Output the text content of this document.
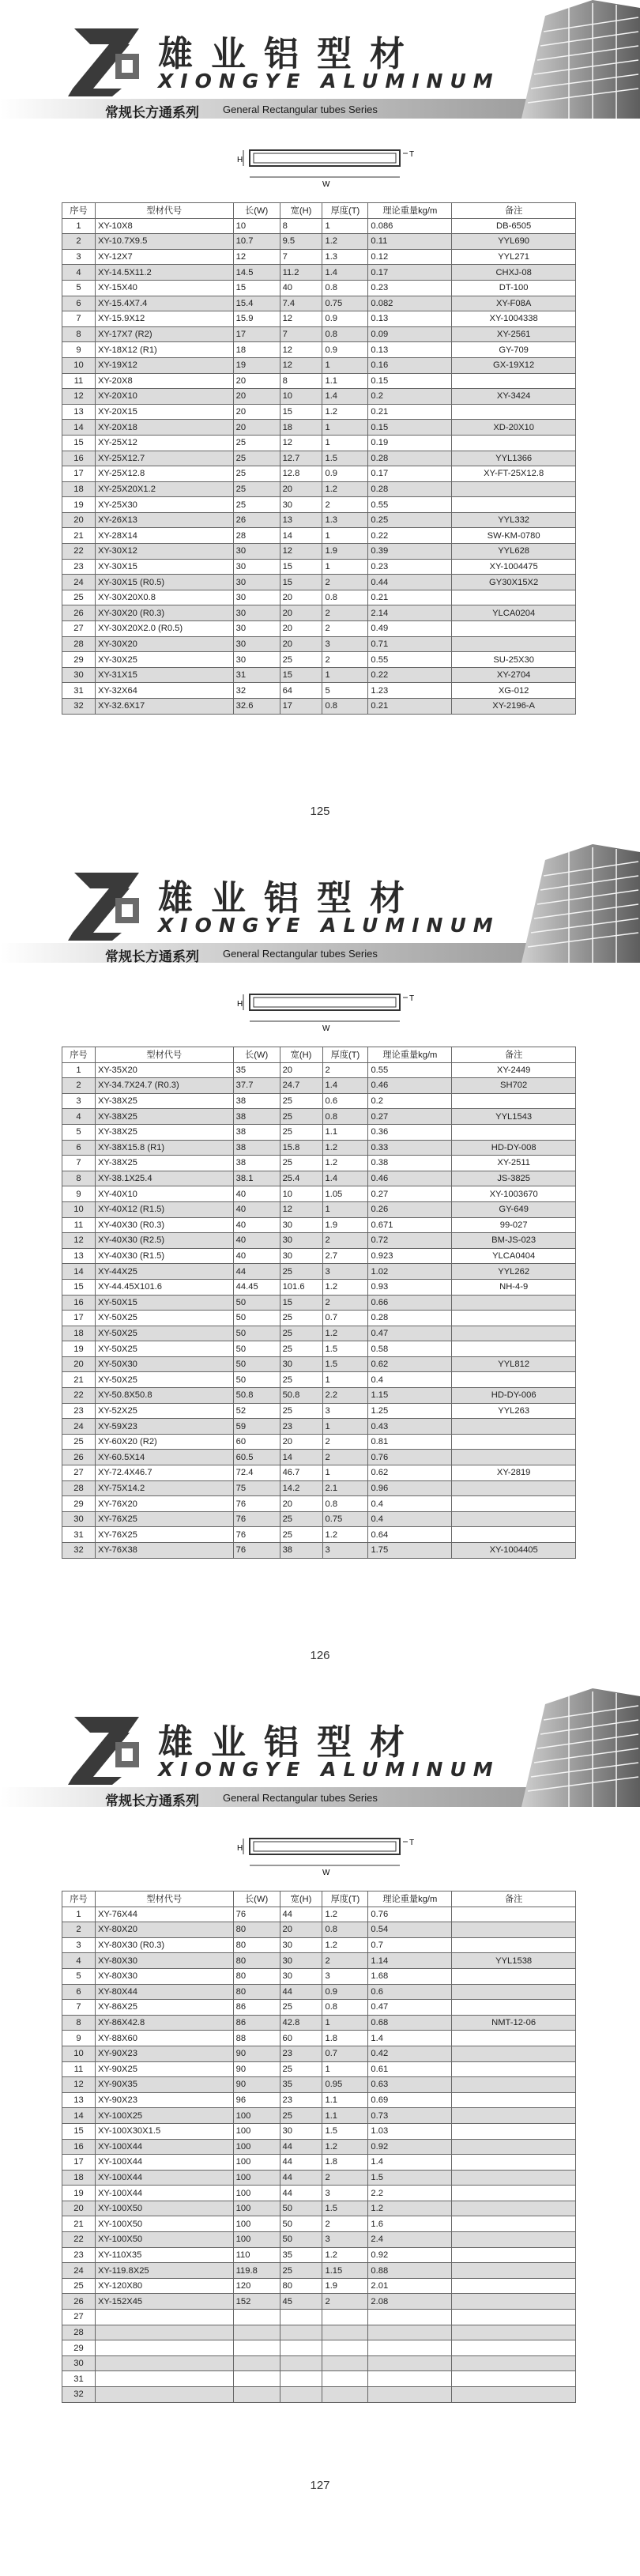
雄业铝型材
XIONGYE ALUMINUM
常规长方通系列 General Rectangular tubes Series
H
T
W
序号	型材代号	长(W)	宽(H)	厚度(T)	理论重量kg/m	备注
1	XY-10X8	10	8	1	0.086	DB-6505
2	XY-10.7X9.5	10.7	9.5	1.2	0.11	YYL690
3	XY-12X7	12	7	1.3	0.12	YYL271
4	XY-14.5X11.2	14.5	11.2	1.4	0.17	CHXJ-08
5	XY-15X40	15	40	0.8	0.23	DT-100
6	XY-15.4X7.4	15.4	7.4	0.75	0.082	XY-F08A
7	XY-15.9X12	15.9	12	0.9	0.13	XY-1004338
8	XY-17X7 (R2)	17	7	0.8	0.09	XY-2561
9	XY-18X12 (R1)	18	12	0.9	0.13	GY-709
10	XY-19X12	19	12	1	0.16	GX-19X12
11	XY-20X8	20	8	1.1	0.15	
12	XY-20X10	20	10	1.4	0.2	XY-3424
13	XY-20X15	20	15	1.2	0.21	
14	XY-20X18	20	18	1	0.15	XD-20X10
15	XY-25X12	25	12	1	0.19	
16	XY-25X12.7	25	12.7	1.5	0.28	YYL1366
17	XY-25X12.8	25	12.8	0.9	0.17	XY-FT-25X12.8
18	XY-25X20X1.2	25	20	1.2	0.28	
19	XY-25X30	25	30	2	0.55	
20	XY-26X13	26	13	1.3	0.25	YYL332
21	XY-28X14	28	14	1	0.22	SW-KM-0780
22	XY-30X12	30	12	1.9	0.39	YYL628
23	XY-30X15	30	15	1	0.23	XY-1004475
24	XY-30X15 (R0.5)	30	15	2	0.44	GY30X15X2
25	XY-30X20X0.8	30	20	0.8	0.21	
26	XY-30X20 (R0.3)	30	20	2	2.14	YLCA0204
27	XY-30X20X2.0 (R0.5)	30	20	2	0.49	
28	XY-30X20	30	20	3	0.71	
29	XY-30X25	30	25	2	0.55	SU-25X30
30	XY-31X15	31	15	1	0.22	XY-2704
31	XY-32X64	32	64	5	1.23	XG-012
32	XY-32.6X17	32.6	17	0.8	0.21	XY-2196-A
125
雄业铝型材
XIONGYE ALUMINUM
常规长方通系列 General Rectangular tubes Series
H
T
W
序号	型材代号	长(W)	宽(H)	厚度(T)	理论重量kg/m	备注
1	XY-35X20	35	20	2	0.55	XY-2449
2	XY-34.7X24.7 (R0.3)	37.7	24.7	1.4	0.46	SH702
3	XY-38X25	38	25	0.6	0.2	
4	XY-38X25	38	25	0.8	0.27	YYL1543
5	XY-38X25	38	25	1.1	0.36	
6	XY-38X15.8 (R1)	38	15.8	1.2	0.33	HD-DY-008
7	XY-38X25	38	25	1.2	0.38	XY-2511
8	XY-38.1X25.4	38.1	25.4	1.4	0.46	JS-3825
9	XY-40X10	40	10	1.05	0.27	XY-1003670
10	XY-40X12 (R1.5)	40	12	1	0.26	GY-649
11	XY-40X30 (R0.3)	40	30	1.9	0.671	99-027
12	XY-40X30 (R2.5)	40	30	2	0.72	BM-JS-023
13	XY-40X30 (R1.5)	40	30	2.7	0.923	YLCA0404
14	XY-44X25	44	25	3	1.02	YYL262
15	XY-44.45X101.6	44.45	101.6	1.2	0.93	NH-4-9
16	XY-50X15	50	15	2	0.66	
17	XY-50X25	50	25	0.7	0.28	
18	XY-50X25	50	25	1.2	0.47	
19	XY-50X25	50	25	1.5	0.58	
20	XY-50X30	50	30	1.5	0.62	YYL812
21	XY-50X25	50	25	1	0.4	
22	XY-50.8X50.8	50.8	50.8	2.2	1.15	HD-DY-006
23	XY-52X25	52	25	3	1.25	YYL263
24	XY-59X23	59	23	1	0.43	
25	XY-60X20 (R2)	60	20	2	0.81	
26	XY-60.5X14	60.5	14	2	0.76	
27	XY-72.4X46.7	72.4	46.7	1	0.62	XY-2819
28	XY-75X14.2	75	14.2	2.1	0.96	
29	XY-76X20	76	20	0.8	0.4	
30	XY-76X25	76	25	0.75	0.4	
31	XY-76X25	76	25	1.2	0.64	
32	XY-76X38	76	38	3	1.75	XY-1004405
126
雄业铝型材
XIONGYE ALUMINUM
常规长方通系列 General Rectangular tubes Series
H
T
W
序号	型材代号	长(W)	宽(H)	厚度(T)	理论重量kg/m	备注
1	XY-76X44	76	44	1.2	0.76	
2	XY-80X20	80	20	0.8	0.54	
3	XY-80X30 (R0.3)	80	30	1.2	0.7	
4	XY-80X30	80	30	2	1.14	YYL1538
5	XY-80X30	80	30	3	1.68	
6	XY-80X44	80	44	0.9	0.6	
7	XY-86X25	86	25	0.8	0.47	
8	XY-86X42.8	86	42.8	1	0.68	NMT-12-06
9	XY-88X60	88	60	1.8	1.4	
10	XY-90X23	90	23	0.7	0.42	
11	XY-90X25	90	25	1	0.61	
12	XY-90X35	90	35	0.95	0.63	
13	XY-90X23	96	23	1.1	0.69	
14	XY-100X25	100	25	1.1	0.73	
15	XY-100X30X1.5	100	30	1.5	1.03	
16	XY-100X44	100	44	1.2	0.92	
17	XY-100X44	100	44	1.8	1.4	
18	XY-100X44	100	44	2	1.5	
19	XY-100X44	100	44	3	2.2	
20	XY-100X50	100	50	1.5	1.2	
21	XY-100X50	100	50	2	1.6	
22	XY-100X50	100	50	3	2.4	
23	XY-110X35	110	35	1.2	0.92	
24	XY-119.8X25	119.8	25	1.15	0.88	
25	XY-120X80	120	80	1.9	2.01	
26	XY-152X45	152	45	2	2.08	
27						
28						
29						
30						
31						
32						
127
